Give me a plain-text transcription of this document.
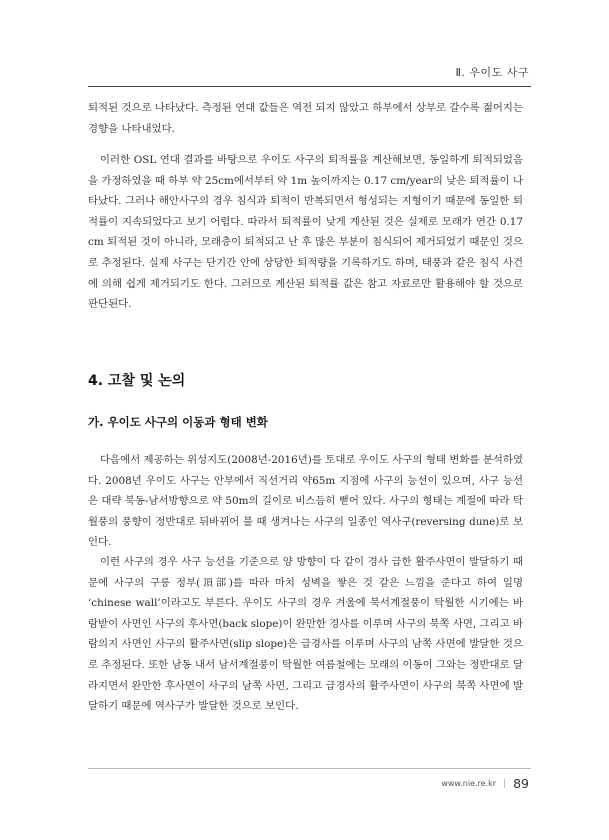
Ⅱ. 우이도 사구

퇴적된 것으로 나타났다. 측정된 연대 값들은 역전 되지 않았고 하부에서 상부로 갈수록 젊어지는 경향을 나타내었다.

이러한 OSL 연대 결과를 바탕으로 우이도 사구의 퇴적률을 계산해보면, 동일하게 퇴적되었음을 가정하였을 때 하부 약 25cm에서부터 약 1m 높이까지는 0.17 cm/year의 낮은 퇴적률이 나타났다. 그러나 해안사구의 경우 침식과 퇴적이 반복되면서 형성되는 지형이기 때문에 동일한 퇴적률이 지속되었다고 보기 어렵다. 따라서 퇴적률이 낮게 계산된 것은 실제로 모래가 연간 0.17 cm 퇴적된 것이 아니라, 모래층이 퇴적되고 난 후 많은 부분이 침식되어 제거되었기 때문인 것으로 추정된다. 실제 사구는 단기간 안에 상당한 퇴적량을 기록하기도 하며, 태풍과 같은 침식 사건에 의해 쉽게 제거되기도 한다. 그러므로 계산된 퇴적률 값은 참고 자료로만 활용해야 할 것으로 판단된다.

4. 고찰 및 논의
가. 우이도 사구의 이동과 형태 변화

다음에서 제공하는 위성지도(2008년-2016년)를 토대로 우이도 사구의 형태 변화를 분석하였다. 2008년 우이도 사구는 안부에서 직선거리 약65m 지점에 사구의 능선이 있으며, 사구 능선은 대략 북동-남서방향으로 약 50m의 길이로 비스듬히 뻗어 있다. 사구의 형태는 계절에 따라 탁월풍의 풍향이 정반대로 뒤바뀌어 불 때 생겨나는 사구의 일종인 역사구(reversing dune)로 보인다.

이런 사구의 경우 사구 능선을 기준으로 양 방향이 다 같이 경사 급한 활주사면이 발달하기 때문에 사구의 구릉 정부(頂部)를 따라 마치 성벽을 쌓은 것 같은 느낌을 준다고 하여 일명 ‘chinese wall’이라고도 부른다. 우이도 사구의 경우 겨울에 북서계절풍이 탁월한 시기에는 바람받이 사면인 사구의 후사면(back slope)이 완만한 경사를 이루며 사구의 북쪽 사면, 그리고 바람의지 사면인 사구의 활주사면(slip slope)은 급경사를 이루며 사구의 남쪽 사면에 발달한 것으로 추정된다. 또한 남동 내서 남서계절풍이 탁월한 여름철에는 모래의 이동이 그와는 정반대로 달라지면서 완만한 후사면이 사구의 남쪽 사면, 그리고 급경사의 활주사면이 사구의 북쪽 사면에 발달하기 때문에 역사구가 발달한 것으로 보인다.

www.nie.re.kr | 89
